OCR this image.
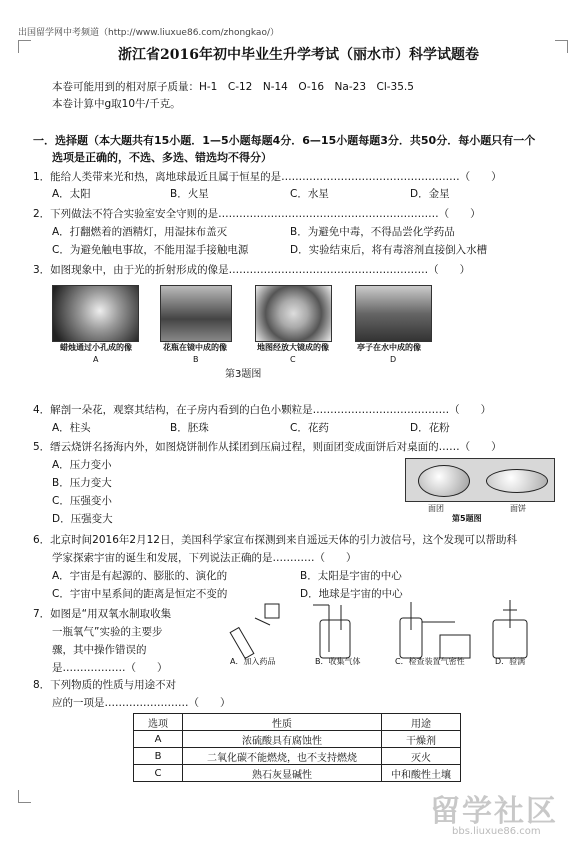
出国留学网中考频道（http://www.liuxue86.com/zhongkao/）
浙江省2016年初中毕业生升学考试（丽水市）科学试题卷
本卷可能用到的相对原子质量：H-1　C-12　N-14　O-16　Na-23　Cl-35.5
本卷计算中g取10牛/千克。
一．选择题（本大题共有15小题．1—5小题每题4分．6—15小题每题3分．共50分．每小题只有一个
选项是正确的，不选、多选、错选均不得分）
1．能给人类带来光和热，离地球最近且属于恒星的是……………………………………………（　　）
A．太阳	B．火星	C．水星	D．金星
2．下列做法不符合实验室安全守则的是………………………………………………………（　　）
A．打翻燃着的酒精灯，用湿抹布盖灭	B．为避免中毒，不得品尝化学药品
C．为避免触电事故，不能用湿手接触电源	D．实验结束后，将有毒溶剂直接倒入水槽
3．如图现象中，由于光的折射形成的像是…………………………………………………（　　）
蜡烛通过小孔成的像	花瓶在镜中成的像	地图经放大镜成的像	亭子在水中成的像
A	B	C	D
第3题图
4．解剖一朵花，观察其结构，在子房内看到的白色小颗粒是…………………………………（　　）
A．柱头	B．胚珠	C．花药	D．花粉
5．缙云烧饼名扬海内外，如图烧饼制作从揉团到压扁过程，则面团变成面饼后对桌面的……（　　）
A．压力变小
B．压力变大
C．压强变小
D．压强变大
面团	面饼
第5题图
6．北京时间2016年2月12日，美国科学家宣布探测到来自遥远天体的引力波信号，这个发现可以帮助科
学家探索宇宙的诞生和发展，下列说法正确的是…………（　　）
A．宇宙是有起源的、膨胀的、演化的	B．太阳是宇宙的中心
C．宇宙中星系间的距离是恒定不变的	D．地球是宇宙的中心
7．如图是“用双氧水制取收集
一瓶氧气”实验的主要步
骤，其中操作错误的
是………………（　　）
A．加入药品	B．收集气体	C．检查装置气密性	D．验满
8．下列物质的性质与用途不对
应的一项是……………………（　　）
选项	性质	用途
A	浓硫酸具有腐蚀性	干燥剂
B	二氧化碳不能燃烧，也不支持燃烧	灭火
C	熟石灰显碱性	中和酸性土壤
留学社区
bbs.liuxue86.com
